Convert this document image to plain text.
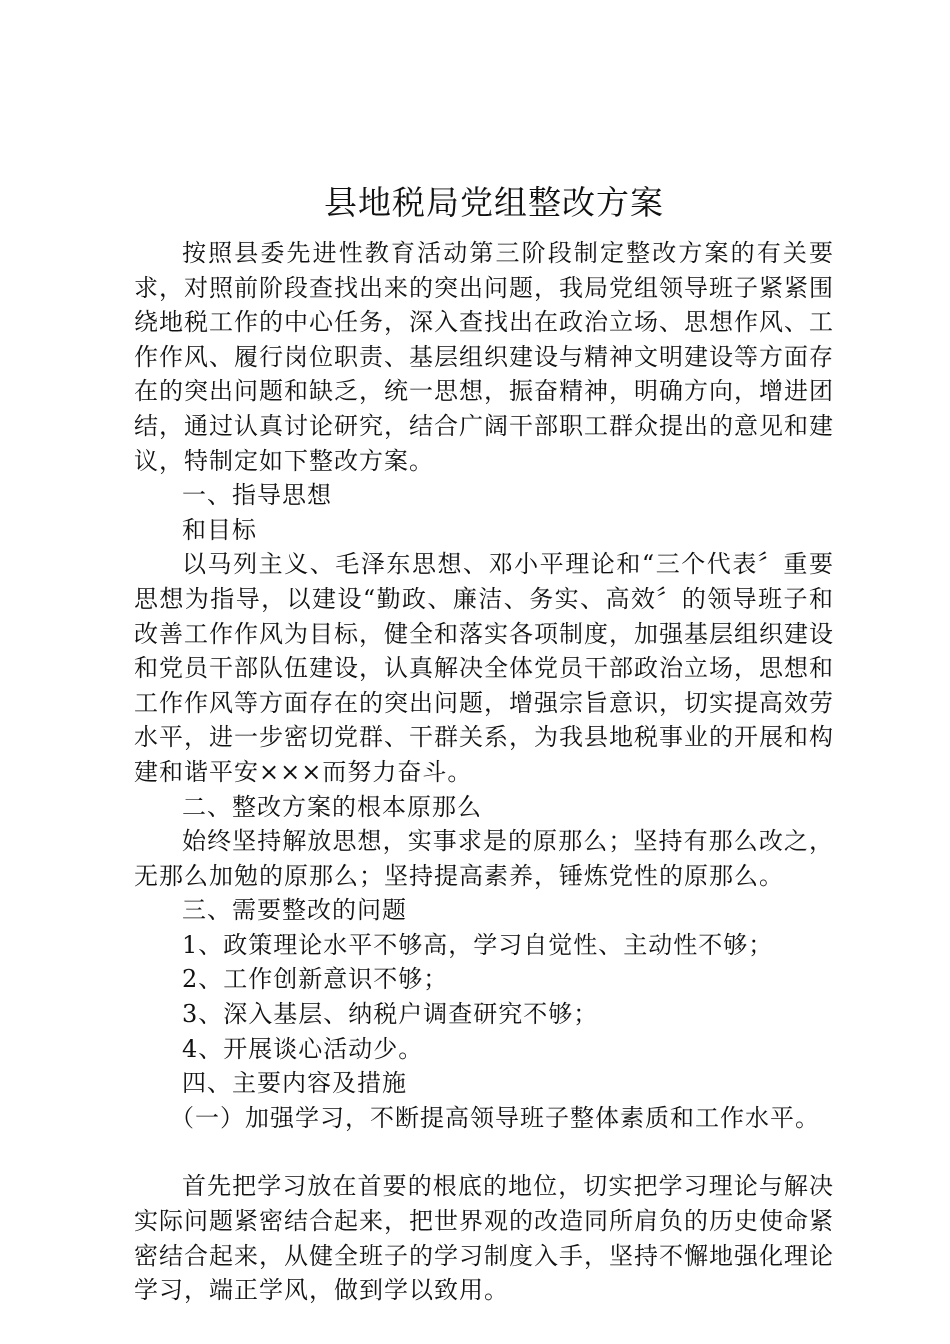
县地税局党组整改方案

按照县委先进性教育活动第三阶段制定整改方案的有关要求，对照前阶段查找出来的突出问题，我局党组领导班子紧紧围绕地税工作的中心任务，深入查找出在政治立场、思想作风、工作作风、履行岗位职责、基层组织建设与精神文明建设等方面存在的突出问题和缺乏，统一思想，振奋精神，明确方向，增进团结，通过认真讨论研究，结合广阔干部职工群众提出的意见和建议，特制定如下整改方案。

一、指导思想

和目标

以马列主义、毛泽东思想、邓小平理论和“三个代表〞重要思想为指导，以建设“勤政、廉洁、务实、高效〞的领导班子和改善工作作风为目标，健全和落实各项制度，加强基层组织建设和党员干部队伍建设，认真解决全体党员干部政治立场，思想和工作作风等方面存在的突出问题，增强宗旨意识，切实提高效劳水平，进一步密切党群、干群关系，为我县地税事业的开展和构建和谐平安×××而努力奋斗。

二、整改方案的根本原那么

始终坚持解放思想，实事求是的原那么；坚持有那么改之，无那么加勉的原那么；坚持提高素养，锤炼党性的原那么。

三、需要整改的问题

1、政策理论水平不够高，学习自觉性、主动性不够；

2、工作创新意识不够；

3、深入基层、纳税户调查研究不够；

4、开展谈心活动少。

四、主要内容及措施

（一）加强学习，不断提高领导班子整体素质和工作水平。

首先把学习放在首要的根底的地位，切实把学习理论与解决实际问题紧密结合起来，把世界观的改造同所肩负的历史使命紧密结合起来，从健全班子的学习制度入手，坚持不懈地强化理论学习，端正学风，做到学以致用。
